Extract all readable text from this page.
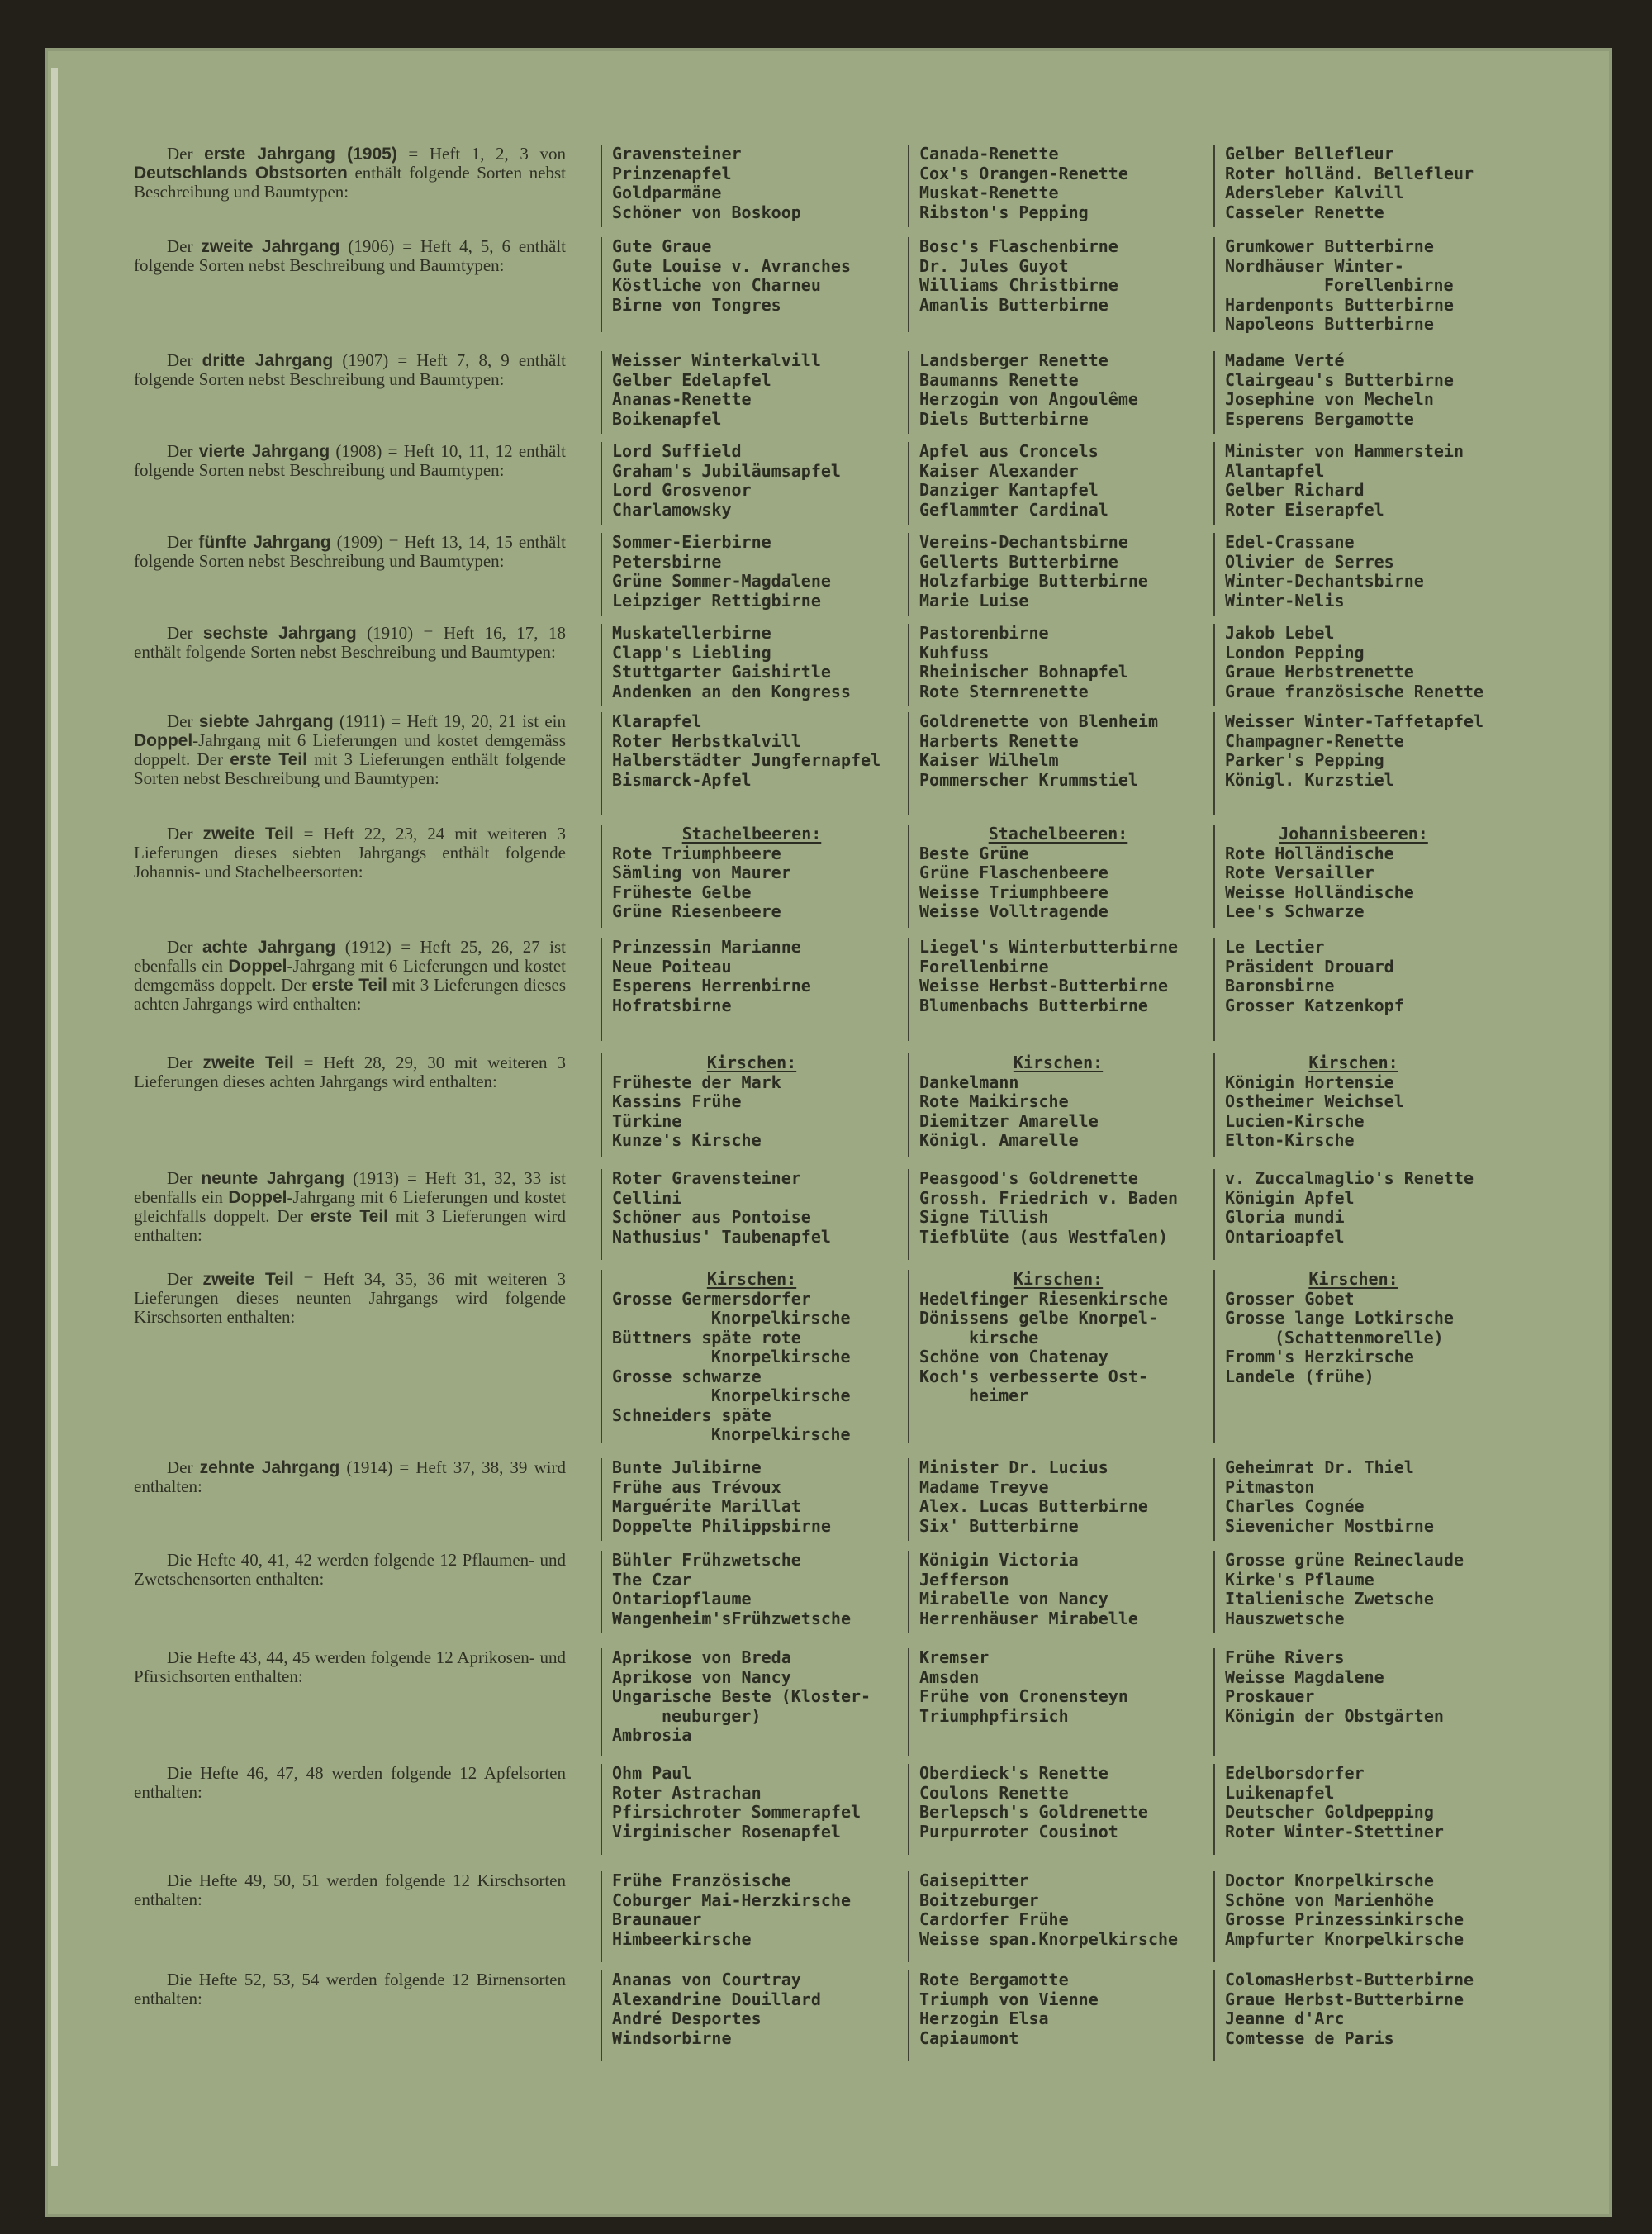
Der erste Jahrgang (1905) = Heft 1, 2, 3 von Deutschlands Obstsorten enthält folgende Sorten nebst Beschreibung und Baumtypen:
Gravensteiner
Prinzenapfel
Goldparmäne
Schöner von Boskoop
Canada-Renette
Cox's Orangen-Renette
Muskat-Renette
Ribston's Pepping
Gelber Bellefleur
Roter holländ. Bellefleur
Adersleber Kalvill
Casseler Renette
Der zweite Jahrgang (1906) = Heft 4, 5, 6 enthält folgende Sorten nebst Beschreibung und Baumtypen:
Gute Graue
Gute Louise v. Avranches
Köstliche von Charneu
Birne von Tongres
Bosc's Flaschenbirne
Dr. Jules Guyot
Williams Christbirne
Amanlis Butterbirne
Grumkower Butterbirne
Nordhäuser Winter-
Forellenbirne
Hardenponts Butterbirne
Napoleons Butterbirne
Der dritte Jahrgang (1907) = Heft 7, 8, 9 enthält folgende Sorten nebst Beschreibung und Baumtypen:
Weisser Winterkalvill
Gelber Edelapfel
Ananas-Renette
Boikenapfel
Landsberger Renette
Baumanns Renette
Herzogin von Angoulême
Diels Butterbirne
Madame Verté
Clairgeau's Butterbirne
Josephine von Mecheln
Esperens Bergamotte
Der vierte Jahrgang (1908) = Heft 10, 11, 12 enthält folgende Sorten nebst Beschreibung und Baumtypen:
Lord Suffield
Graham's Jubiläumsapfel
Lord Grosvenor
Charlamowsky
Apfel aus Croncels
Kaiser Alexander
Danziger Kantapfel
Geflammter Cardinal
Minister von Hammerstein
Alantapfel
Gelber Richard
Roter Eiserapfel
Der fünfte Jahrgang (1909) = Heft 13, 14, 15 enthält folgende Sorten nebst Beschreibung und Baumtypen:
Sommer-Eierbirne
Petersbirne
Grüne Sommer-Magdalene
Leipziger Rettigbirne
Vereins-Dechantsbirne
Gellerts Butterbirne
Holzfarbige Butterbirne
Marie Luise
Edel-Crassane
Olivier de Serres
Winter-Dechantsbirne
Winter-Nelis
Der sechste Jahrgang (1910) = Heft 16, 17, 18 enthält folgende Sorten nebst Beschreibung und Baumtypen:
Muskatellerbirne
Clapp's Liebling
Stuttgarter Gaishirtle
Andenken an den Kongress
Pastorenbirne
Kuhfuss
Rheinischer Bohnapfel
Rote Sternrenette
Jakob Lebel
London Pepping
Graue Herbstrenette
Graue französische Renette
Der siebte Jahrgang (1911) = Heft 19, 20, 21 ist ein Doppel-Jahrgang mit 6 Lieferungen und kostet demgemäss doppelt. Der erste Teil mit 3 Lieferungen enthält folgende Sorten nebst Beschreibung und Baumtypen:
Klarapfel
Roter Herbstkalvill
Halberstädter Jungfernapfel
Bismarck-Apfel
Goldrenette von Blenheim
Harberts Renette
Kaiser Wilhelm
Pommerscher Krummstiel
Weisser Winter-Taffetapfel
Champagner-Renette
Parker's Pepping
Königl. Kurzstiel
Der zweite Teil = Heft 22, 23, 24 mit weiteren 3 Lieferungen dieses siebten Jahrgangs enthält folgende Johannis- und Stachelbeersorten:
Stachelbeeren:
Rote Triumphbeere
Sämling von Maurer
Früheste Gelbe
Grüne Riesenbeere
Stachelbeeren:
Beste Grüne
Grüne Flaschenbeere
Weisse Triumphbeere
Weisse Volltragende
Johannisbeeren:
Rote Holländische
Rote Versailler
Weisse Holländische
Lee's Schwarze
Der achte Jahrgang (1912) = Heft 25, 26, 27 ist ebenfalls ein Doppel-Jahrgang mit 6 Lieferungen und kostet demgemäss doppelt. Der erste Teil mit 3 Lieferungen dieses achten Jahrgangs wird enthalten:
Prinzessin Marianne
Neue Poiteau
Esperens Herrenbirne
Hofratsbirne
Liegel's Winterbutterbirne
Forellenbirne
Weisse Herbst-Butterbirne
Blumenbachs Butterbirne
Le Lectier
Präsident Drouard
Baronsbirne
Grosser Katzenkopf
Der zweite Teil = Heft 28, 29, 30 mit weiteren 3 Lieferungen dieses achten Jahrgangs wird enthalten:
Kirschen:
Früheste der Mark
Kassins Frühe
Türkine
Kunze's Kirsche
Kirschen:
Dankelmann
Rote Maikirsche
Diemitzer Amarelle
Königl. Amarelle
Kirschen:
Königin Hortensie
Ostheimer Weichsel
Lucien-Kirsche
Elton-Kirsche
Der neunte Jahrgang (1913) = Heft 31, 32, 33 ist ebenfalls ein Doppel-Jahrgang mit 6 Lieferungen und kostet gleichfalls doppelt. Der erste Teil mit 3 Lieferungen wird enthalten:
Roter Gravensteiner
Cellini
Schöner aus Pontoise
Nathusius' Taubenapfel
Peasgood's Goldrenette
Grossh. Friedrich v. Baden
Signe Tillish
Tiefblüte (aus Westfalen)
v. Zuccalmaglio's Renette
Königin Apfel
Gloria mundi
Ontarioapfel
Der zweite Teil = Heft 34, 35, 36 mit weiteren 3 Lieferungen dieses neunten Jahrgangs wird folgende Kirschsorten enthalten:
Kirschen:
Grosse Germersdorfer
Knorpelkirsche
Büttners späte rote
Knorpelkirsche
Grosse schwarze
Knorpelkirsche
Schneiders späte
Knorpelkirsche
Kirschen:
Hedelfinger Riesenkirsche
Dönissens gelbe Knorpel-
kirsche
Schöne von Chatenay
Koch's verbesserte Ost-
heimer
Kirschen:
Grosser Gobet
Grosse lange Lotkirsche
(Schattenmorelle)
Fromm's Herzkirsche
Landele (frühe)
Der zehnte Jahrgang (1914) = Heft 37, 38, 39 wird enthalten:
Bunte Julibirne
Frühe aus Trévoux
Marguérite Marillat
Doppelte Philippsbirne
Minister Dr. Lucius
Madame Treyve
Alex. Lucas Butterbirne
Six' Butterbirne
Geheimrat Dr. Thiel
Pitmaston
Charles Cognée
Sievenicher Mostbirne
Die Hefte 40, 41, 42 werden folgende 12 Pflaumen- und Zwetschensorten enthalten:
Bühler Frühzwetsche
The Czar
Ontariopflaume
Wangenheim'sFrühzwetsche
Königin Victoria
Jefferson
Mirabelle von Nancy
Herrenhäuser Mirabelle
Grosse grüne Reineclaude
Kirke's Pflaume
Italienische Zwetsche
Hauszwetsche
Die Hefte 43, 44, 45 werden folgende 12 Aprikosen- und Pfirsichsorten enthalten:
Aprikose von Breda
Aprikose von Nancy
Ungarische Beste (Kloster-
neuburger)
Ambrosia
Kremser
Amsden
Frühe von Cronensteyn
Triumphpfirsich
Frühe Rivers
Weisse Magdalene
Proskauer
Königin der Obstgärten
Die Hefte 46, 47, 48 werden folgende 12 Apfelsorten enthalten:
Ohm Paul
Roter Astrachan
Pfirsichroter Sommerapfel
Virginischer Rosenapfel
Oberdieck's Renette
Coulons Renette
Berlepsch's Goldrenette
Purpurroter Cousinot
Edelborsdorfer
Luikenapfel
Deutscher Goldpepping
Roter Winter-Stettiner
Die Hefte 49, 50, 51 werden folgende 12 Kirschsorten enthalten:
Frühe Französische
Coburger Mai-Herzkirsche
Braunauer
Himbeerkirsche
Gaisepitter
Boitzeburger
Cardorfer Frühe
Weisse span.Knorpelkirsche
Doctor Knorpelkirsche
Schöne von Marienhöhe
Grosse Prinzessinkirsche
Ampfurter Knorpelkirsche
Die Hefte 52, 53, 54 werden folgende 12 Birnensorten enthalten:
Ananas von Courtray
Alexandrine Douillard
André Desportes
Windsorbirne
Rote Bergamotte
Triumph von Vienne
Herzogin Elsa
Capiaumont
ColomasHerbst-Butterbirne
Graue Herbst-Butterbirne
Jeanne d'Arc
Comtesse de Paris
